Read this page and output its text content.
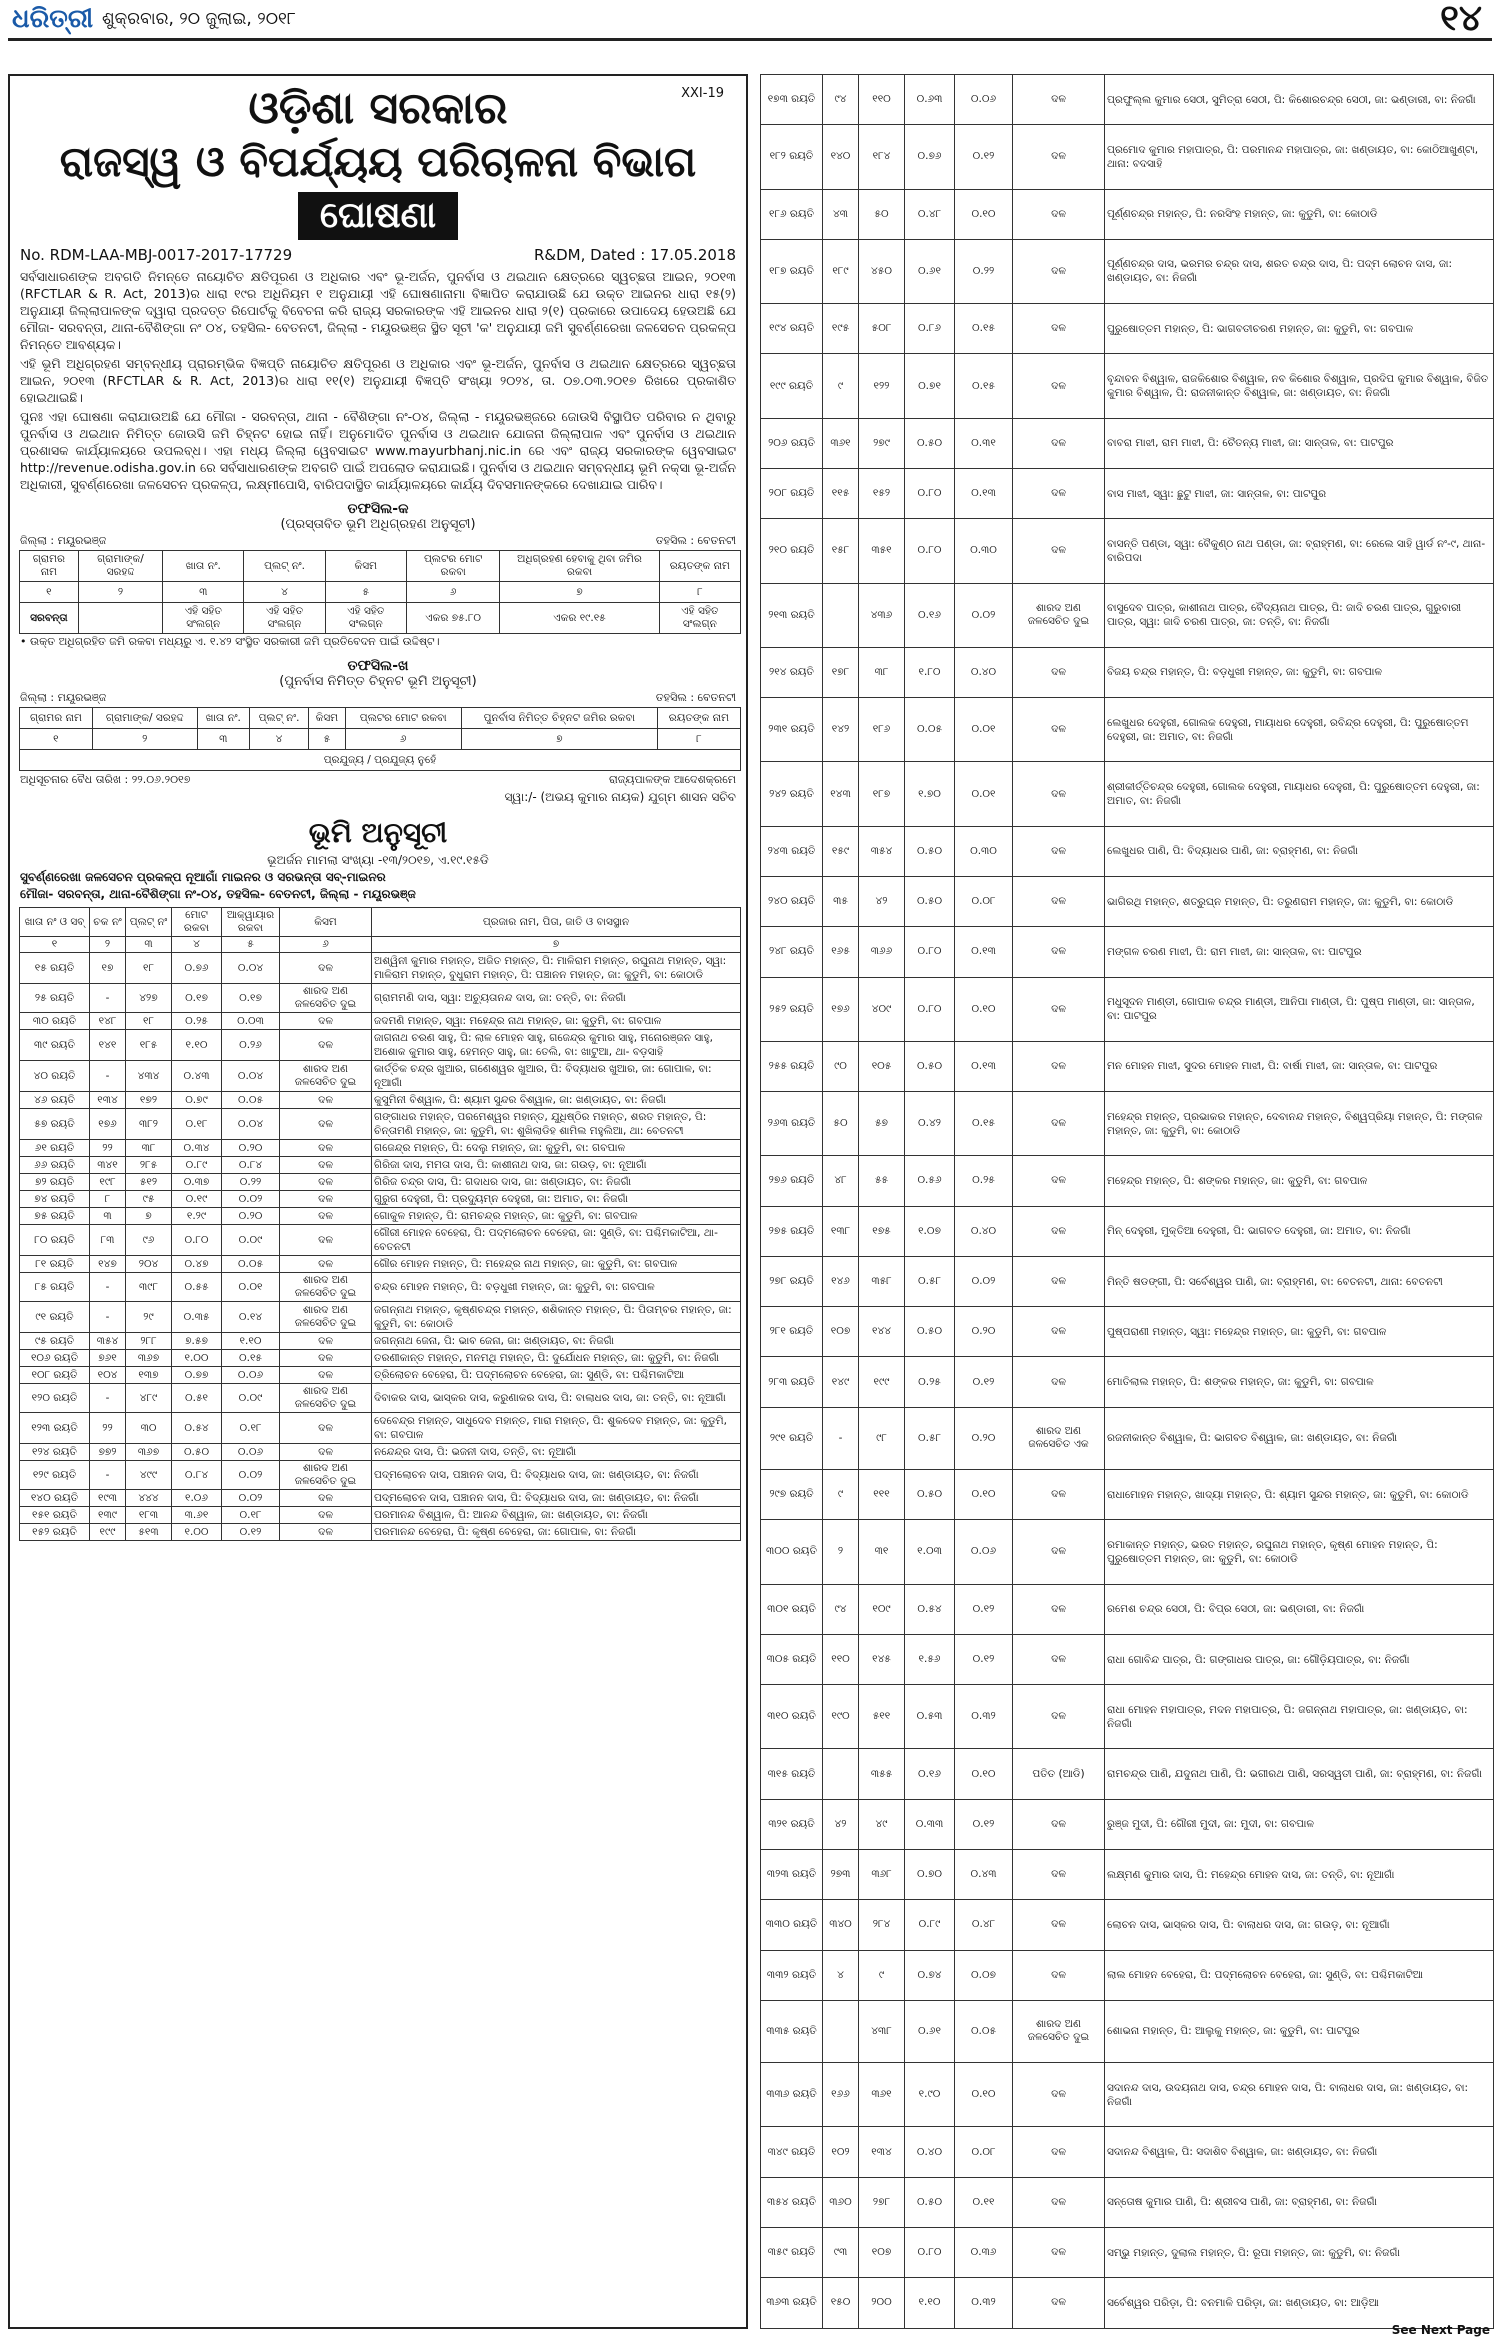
ଧରିତ୍ରୀ ଶୁକ୍ରବାର, ୨୦ ଜୁଲାଇ, ୨୦୧୮	୧୪
XXI-19
ଓଡ଼ିଶା ସରକାର
ରାଜସ୍ୱ ଓ ବିପର୍ଯ୍ୟୟ ପରିଚାଳନା ବିଭାଗ
ଘୋଷଣା
No. RDM-LAA-MBJ-0017-2017-17729	R&DM, Dated : 17.05.2018

ସର୍ବସାଧାରଣଙ୍କ ଅବଗତି ନିମନ୍ତେ ନାୟୋଚିତ କ୍ଷତିପୂରଣ ଓ ଅଧିକାର ଏବଂ ଭୂ-ଅର୍ଜନ, ପୁନର୍ବାସ ଓ ଥଇଥାନ କ୍ଷେତ୍ରରେ ସ୍ୱଚ୍ଛତା ଆଇନ, ୨୦୧୩ (RFCTLAR & R. Act, 2013)ର ଧାରା ୧୯ର ଅଧିନିୟମ ୧ ଅନୁଯାୟୀ ଏହି ଘୋଷଣାନାମା ବିଜ୍ଞାପିତ କରାଯାଉଛି ଯେ ଉକ୍ତ ଆଇନର ଧାରା ୧୫(୨) ଅନୁଯାୟୀ ଜିଲ୍ଲାପାଳଙ୍କ ଦ୍ୱାରା ପ୍ରଦତ୍ତ ରିପୋର୍ଟକୁ ବିବେଚନା କରି ରାଜ୍ୟ ସରକାରଙ୍କ ଏହି ଆଇନର ଧାରା ୨(୧) ପ୍ରକାରେ ଉପାଦେୟ ହେଉଅଛି ଯେ ମୌଜା- ସରବନ୍ତା, ଥାନା-ବୈଶିଙ୍ଗା ନଂ ୦୪, ତହସିଲ- ବେତନଟୀ, ଜିଲ୍ଲା - ମୟୂରଭଞ୍ଜ ସ୍ଥିତ ସୂଚୀ 'କ' ଅନୁଯାୟୀ ଜମି ସୁବର୍ଣ୍ଣରେଖା ଜଳସେଚନ ପ୍ରକଳ୍ପ ନିମନ୍ତେ ଆବଶ୍ୟକ।

ଏହି ଭୂମି ଅଧିଗ୍ରହଣ ସମ୍ବନ୍ଧୀୟ ପ୍ରାରମ୍ଭିକ ବିଜ୍ଞପ୍ତି ନାୟୋଚିତ କ୍ଷତିପୂରଣ ଓ ଅଧିକାର ଏବଂ ଭୂ-ଅର୍ଜନ, ପୁନର୍ବାସ ଓ ଥଇଥାନ କ୍ଷେତ୍ରରେ ସ୍ୱଚ୍ଛତା ଆଇନ, ୨୦୧୩ (RFCTLAR & R. Act, 2013)ର ଧାରା ୧୧(୧) ଅନୁଯାୟୀ ବିଜ୍ଞପ୍ତି ସଂଖ୍ୟା ୨୦୨୪, ତା. ୦୭.୦୩.୨୦୧୭ ରିଖରେ ପ୍ରକାଶିତ ହୋଇଥାଇଛି।

ପୁନଃ ଏହା ଘୋଷଣା କରାଯାଉଅଛି ଯେ ମୌଜା - ସରବନ୍ତା, ଥାନା - ବୈଶିଙ୍ଗା ନଂ-୦୪, ଜିଲ୍ଲା - ମୟୂରଭଞ୍ଜରେ ଜୋଉସି ବିସ୍ଥାପିତ ପରିବାର ନ ଥିବାରୁ ପୁନର୍ବାସ ଓ ଥଇଥାନ ନିମିତ୍ତ ଜୋଉସି ଜମି ଚିହ୍ନଟ ହୋଇ ନାହିଁ। ଅନୁମୋଦିତ ପୁନର୍ବାସ ଓ ଥଇଥାନ ଯୋଜନା ଜିଲ୍ଲାପାଳ ଏବଂ ପୁନର୍ବାସ ଓ ଥଇଥାନ ପ୍ରଶାସକ କାର୍ଯ୍ୟାଳୟରେ ଉପଲବ୍ଧ। ଏହା ମଧ୍ୟ ଜିଲ୍ଲା ୱେବସାଇଟ www.mayurbhanj.nic.in ରେ ଏବଂ ରାଜ୍ୟ ସରକାରଙ୍କ ୱେବସାଇଟ http://revenue.odisha.gov.in ରେ ସର୍ବସାଧାରଣଙ୍କ ଅବଗତି ପାଇଁ ଅପଲୋଡ କରାଯାଇଛି। ପୁନର୍ବାସ ଓ ଥଇଥାନ ସମ୍ବନ୍ଧୀୟ ଭୂମି ନକ୍ସା ଭୂ-ଅର୍ଜନ ଅଧିକାରୀ, ସୁବର୍ଣ୍ଣରେଖା ଜଳସେଚନ ପ୍ରକଳ୍ପ, ଲକ୍ଷ୍ମୀପୋସି, ବାରିପଦାସ୍ଥିତ କାର୍ଯ୍ୟାଳୟରେ କାର୍ଯ୍ୟ ଦିବସମାନଙ୍କରେ ଦେଖାଯାଇ ପାରିବ।

ତଫସିଲ-କ
(ପ୍ରସ୍ତାବିତ ଭୂମି ଅଧିଗ୍ରହଣ ଅନୁସୂଚୀ)
ଜିଲ୍ଲା : ମୟୂରଭଞ୍ଜ	ତହସିଲ : ବେତନଟୀ
ଗ୍ରାମର ନାମ	ଗ୍ରାମାଙ୍କ/ ସରହଦ୍ଦ	ଖାତା ନଂ.	ପ୍ଲଟ୍ ନଂ.	କିସମ	ପ୍ଲଟର ମୋଟ ରକବା	ଅଧିଗ୍ରହଣ ହେବାକୁ ଥିବା ଜମିର ରକବା	ରୟତଙ୍କ ନାମ
୧	୨	୩	୪	୫	୬	୭	୮
ସରବନ୍ତା		ଏହି ସହିତ ସଂଲଗ୍ନ	ଏହି ସହିତ ସଂଲଗ୍ନ	ଏହି ସହିତ ସଂଲଗ୍ନ	ଏକର ୭୫.୮୦	ଏକର ୧୯.୧୫	ଏହି ସହିତ ସଂଲଗ୍ନ
• ଉକ୍ତ ଅଧିଗ୍ରହିତ ଜମି ରକବା ମଧ୍ୟରୁ ଏ. ୧.୪୨ ସଂସ୍ଥିତ ସରକାରୀ ଜମି ପ୍ରତିବେଦନ ପାଇଁ ଉଦ୍ଦିଷ୍ଟ।
ତଫସିଲ-ଖ
(ପୁନର୍ବାସ ନିମିତ୍ତ ଚିହ୍ନଟ ଭୂମି ଅନୁସୂଚୀ)
ଜିଲ୍ଲା : ମୟୂରଭଞ୍ଜ	ତହସିଲ : ବେତନଟୀ
ଗ୍ରାମର ନାମ	ଗ୍ରାମାଙ୍କ/ ସରହଦ୍ଦ	ଖାତା ନଂ.	ପ୍ଲଟ୍ ନଂ.	କିସମ	ପ୍ଲଟର ମୋଟ ରକବା	ପୁନର୍ବାସ ନିମିତ୍ତ ଚିହ୍ନଟ ଜମିର ରକବା	ରୟତଙ୍କ ନାମ
୧	୨	୩	୪	୫	୬	୭	୮
ପ୍ରଯୁଜ୍ୟ / ପ୍ରଯୁଜ୍ୟ ନୁହେଁ							
ଅଧିସୂଚନାର ବୈଧ ତାରିଖ : ୨୨.୦୬.୨୦୧୭	ରାଜ୍ୟପାଳଙ୍କ ଆଦେଶକ୍ରମେ
ସ୍ୱା:/- (ଅଭୟ କୁମାର ନାୟକ) ଯୁଗ୍ମ ଶାସନ ସଚିବ
ଭୂମି ଅନୁସୂଚୀ
ଭୂଅର୍ଜନ ମାମଲା ସଂଖ୍ୟା -୧୩/୨୦୧୭, ଏ.୧୯.୧୫ଡି
ସୁବର୍ଣ୍ଣରେଖା ଜଳସେଚନ ପ୍ରକଳ୍ପ ନୂଆଗାଁ ମାଇନର ଓ ସରଭନ୍ତା ସବ୍-ମାଇନର
ମୌଜା- ସରବନ୍ତା, ଥାନା-ବୈଶିଙ୍ଗା ନଂ-୦୪, ତହସିଲ- ବେତନଟୀ, ଜିଲ୍ଲା - ମୟୂରଭଞ୍ଜ
ଖାତା ନଂ ଓ ସବ୍	ଚକ ନଂ	ପ୍ଲଟ୍ ନଂ	ମୋଟ ରକବା	ଆକ୍ୱାୟାର ରକବା	କିସମ	ପ୍ରଜାର ନାମ, ପିତା, ଜାତି ଓ ବାସସ୍ଥାନ
୧	୨	୩	୪	୫	୬	୭
୧୫ ରୟତି	୧୭	୧୮	୦.୭୬	୦.୦୪	ଦଳ	ଅଶ୍ୱିନୀ କୁମାର ମହାନ୍ତ, ଅଜିତ ମହାନ୍ତ, ପି: ମାଳିରାମ ମହାନ୍ତ, ରଘୁନାଥ ମହାନ୍ତ, ସ୍ୱା: ମାଳିରାମ ମହାନ୍ତ, ବୁଧୁରାମ ମହାନ୍ତ, ପି: ପଞ୍ଚାନନ ମହାନ୍ତ, ଜା: କୁଡୁମି, ବା: କୋଠାଡି
୨୫ ରୟତି	-	୪୨୭	୦.୧୭	୦.୧୭	ଶାରଦ ଅଣ ଜଳସେଚିତ ଦୁଇ	ଗ୍ରାମମଣି ଦାସ, ସ୍ୱା: ଅଚ୍ୟୁତାନନ୍ଦ ଦାସ, ଜା: ତନ୍ତି, ବା: ନିଜଗାଁ
୩୦ ରୟତି	୧୪୮	୧୮	୦.୨୫	୦.୦୩	ଦଳ	ଜଦମଣି ମହାନ୍ତ, ସ୍ୱା: ମହେନ୍ଦ୍ର ନାଥ ମହାନ୍ତ, ଜା: କୁଡୁମି, ବା: ଗବପାଳ
୩୯ ରୟତି	୧୪୧	୧୮୫	୧.୧୦	୦.୨୬	ଦଳ	ଜାଗନାଥ ଚରଣ ସାହୁ, ପି: ଲାଳ ମୋହନ ସାହୁ, ଗଜେନ୍ଦ୍ର କୁମାର ସାହୁ, ମନୋରଞ୍ଜନ ସାହୁ, ଅଶୋକ କୁମାର ସାହୁ, ହେମନ୍ତ ସାହୁ, ଜା: ତେଲି, ବା: ଖାଟୁଆ, ଥା- ବଡ଼ସାହି
୪୦ ରୟତି	-	୪୩୪	୦.୪୩	୦.୦୪	ଶାରଦ ଅଣ ଜଳସେଚିତ ଦୁଇ	କାର୍ତ୍ତିକ ଚନ୍ଦ୍ର ଖୁଆର, ଗଣେଶ୍ୱର ଖୁଆର, ପି: ବିଦ୍ୟାଧର ଖୁଆର, ଜା: ଗୋପାଳ, ବା: ନୂଆଗାଁ
୪୬ ରୟତି	୧୩୪	୧୭୨	୦.୭୯	୦.୦୫	ଦଳ	କୁସୁମିନୀ ବିଶ୍ୱାଳ, ପି: ଶ୍ୟାମ ସୁନ୍ଦର ବିଶ୍ୱାଳ, ଜା: ଖଣ୍ଡାୟତ, ବା: ନିଜଗାଁ
୫୭ ରୟତି	୧୭୬	୩୮୨	୦.୧୮	୦.୦୪	ଦଳ	ଗଙ୍ଗାଧର ମହାନ୍ତ, ପରମେଶ୍ୱର ମହାନ୍ତ, ଯୁଧିଷ୍ଠିର ମହାନ୍ତ, ଶରତ ମହାନ୍ତ, ପି: ଚିନ୍ତାମଣି ମହାନ୍ତ, ଜା: କୁଡୁମି, ବା: ଶୁଖିଲାଡିହ ଶାମିଲ ମହୁଲିଆ, ଥା: ବେତନଟୀ
୬୧ ରୟତି	୨୨	୩୮	୦.୩୪	୦.୨୦	ଦଳ	ଗଜେନ୍ଦ୍ର ମହାନ୍ତ, ପି: ଦେଲୁ ମହାନ୍ତ, ଜା: କୁଡୁମି, ବା: ଗବପାଳ
୬୬ ରୟତି	୩୪୧	୨୮୫	୦.୮୯	୦.୮୪	ଦଳ	ଗିରିଜା ଦାସ, ମମତା ଦାସ, ପି: କାଶୀନାଥ ଦାସ, ଜା: ଗଉଡ଼, ବା: ନୂଆଗାଁ
୭୨ ରୟତି	୧୯୮	୫୧୨	୦.୩୭	୦.୨୨	ଦଳ	ଗିରିଜ ଚନ୍ଦ୍ର ଦାସ, ପି: ଗଦାଧର ଦାସ, ଜା: ଖଣ୍ଡାୟତ, ବା: ନିଜଗାଁ
୭୪ ରୟତି	୮	୯୫	୦.୧୯	୦.୦୨	ଦଳ	ଗୁରୁଗ ଦେହୁରୀ, ପି: ପ୍ରଦ୍ୟୁମ୍ନ ଦେହୁରୀ, ଜା: ଅମାତ, ବା: ନିଜଗାଁ
୭୫ ରୟତି	୩	୭	୧.୨୯	୦.୨୦	ଦଳ	ଗୋକୁଳ ମହାନ୍ତ, ପି: ରାମଚନ୍ଦ୍ର ମହାନ୍ତ, ଜା: କୁଡୁମି, ବା: ଗବପାଳ
୮୦ ରୟତି	୮୩	୯୬	୦.୮୦	୦.୦୯	ଦଳ	ଗୌରୀ ମୋହନ ବେହେରା, ପି: ପଦ୍ମଲୋଚନ ବେହେରା, ଜା: ସୁଣ୍ଡି, ବା: ପଶ୍ଚିମକାଟିଆ, ଥା- ବେତନଟୀ
୮୧ ରୟତି	୧୪୭	୨୦୪	୦.୪୭	୦.୦୫	ଦଳ	ଗୌର ମୋହନ ମହାନ୍ତ, ପି: ମହେନ୍ଦ୍ର ନାଥ ମହାନ୍ତ, ଜା: କୁଡୁମି, ବା: ଗବପାଳ
୮୫ ରୟତି	-	୩୯୮	୦.୫୫	୦.୦୧	ଶାରଦ ଅଣ ଜଳସେଚିତ ଦୁଇ	ଚନ୍ଦ୍ର ମୋହନ ମହାନ୍ତ, ପି: ବଡ଼ଧୁଖୀ ମହାନ୍ତ, ଜା: କୁଡୁମି, ବା: ଗବପାଳ
୯୧ ରୟତି	-	୨୯	୦.୩୫	୦.୧୪	ଶାରଦ ଅଣ ଜଳସେଚିତ ଦୁଇ	ଜଗନ୍ନାଥ ମହାନ୍ତ, କୃଷ୍ଣଚନ୍ଦ୍ର ମହାନ୍ତ, ଶଶିକାନ୍ତ ମହାନ୍ତ, ପି: ପିତାମ୍ବର ମହାନ୍ତ, ଜା: କୁଡୁମି, ବା: କୋଠାଡି
୯୫ ରୟତି	୩୫୪	୨୮୮	୭.୫୭	୧.୧୦	ଦଳ	ଜଗନ୍ନାଥ ଜେନା, ପି: ଭାବ ଜେନା, ଜା: ଖଣ୍ଡାୟତ, ବା: ନିଜଗାଁ
୧୦୬ ରୟତି	୭୬୧	୩୬୭	୧.୦୦	୦.୧୫	ଦଳ	ତରଣୀକାନ୍ତ ମହାନ୍ତ, ମନମଥି ମହାନ୍ତ, ପି: ଦୁର୍ଯୋଧନ ମହାନ୍ତ, ଜା: କୁଡୁମି, ବା: ନିଜଗାଁ
୧୦୮ ରୟତି	୧୦୪	୧୩୭	୦.୭୭	୦.୦୬	ଦଳ	ତ୍ରିଲୋଚନ ବେହେରା, ପି: ପଦ୍ମଲୋଚନ ବେହେରା, ଜା: ସୁଣ୍ଡି, ବା: ପଶ୍ଚିମକାଟିଆ
୧୨୦ ରୟତି	-	୪୮୯	୦.୫୧	୦.୦୯	ଶାରଦ ଅଣ ଜଳସେଚିତ ଦୁଇ	ଦିବାକର ଦାସ, ଭାସ୍କର ଦାସ, କରୁଣାକର ଦାସ, ପି: ବାଲାଧର ଦାସ, ଜା: ତନ୍ତି, ବା: ନୂଆଗାଁ
୧୨୩ ରୟତି	୨୨	୩୦	୦.୫୪	୦.୧୮	ଦଳ	ଦେବେନ୍ଦ୍ର ମହାନ୍ତ, ସାଧୁଦେବ ମହାନ୍ତ, ମାରା ମହାନ୍ତ, ପି: ଶୁକଦେବ ମହାନ୍ତ, ଜା: କୁଡୁମି, ବା: ଗବପାଳ
୧୨୪ ରୟତି	୭୭୨	୩୬୭	୦.୫୦	୦.୦୬	ଦଳ	ନନ୍ଦେନ୍ଦ୍ର ଦାସ, ପି: ଭଜନୀ ଦାସ, ତନ୍ତି, ବା: ନୂଆଗାଁ
୧୨୯ ରୟତି	-	୪୯୯	୦.୮୪	୦.୦୨	ଶାରଦ ଅଣ ଜଳସେଚିତ ଦୁଇ	ପଦ୍ମଲୋଚନ ଦାସ, ପଞ୍ଚାନନ ଦାସ, ପି: ବିଦ୍ୟାଧର ଦାସ, ଜା: ଖଣ୍ଡାୟତ, ବା: ନିଜଗାଁ
୧୪୦ ରୟତି	୧୯୩	୪୪୪	୧.୦୬	୦.୦୨	ଦଳ	ପଦ୍ମଲୋଚନ ଦାସ, ପଞ୍ଚାନନ ଦାସ, ପି: ବିଦ୍ୟାଧର ଦାସ, ଜା: ଖଣ୍ଡାୟତ, ବା: ନିଜଗାଁ
୧୫୧ ରୟତି	୧୩୯	୧୮୩	୩.୬୧	୦.୧୮	ଦଳ	ପରମାନନ୍ଦ ବିଶ୍ୱାଳ, ପି: ଆନନ୍ଦ ବିଶ୍ୱାଳ, ଜା: ଖଣ୍ଡାୟତ, ବା: ନିଜଗାଁ
୧୫୨ ରୟତି	୧୯୯	୫୧୩	୧.୦୦	୦.୧୨	ଦଳ	ପରମାନନ୍ଦ ବେହେରା, ପି: କୃଷ୍ଣ ବେହେରା, ଜା: ଗୋପାଳ, ବା: ନିଜଗାଁ
୧୭୩ ରୟତି	୯୪	୧୧୦	୦.୬୩	୦.୦୬	ଦଳ	ପ୍ରଫୁଲ୍ଲ କୁମାର ସେଠୀ, ସୁମିତ୍ରା ସେଠୀ, ପି: କିଶୋରଚନ୍ଦ୍ର ସେଠୀ, ଜା: ଭଣ୍ଡାରୀ, ବା: ନିଜଗାଁ
୧୮୨ ରୟତି	୧୪୦	୧୮୪	୦.୭୬	୦.୧୨	ଦଳ	ପ୍ରମୋଦ କୁମାର ମହାପାତ୍ର, ପି: ପରମାନନ୍ଦ ମହାପାତ୍ର, ଜା: ଖଣ୍ଡାୟତ, ବା: କୋଠିଆଖୁଣ୍ଟା, ଥାନା: ବଦସାହି
୧୮୬ ରୟତି	୪୩	୫୦	୦.୪୮	୦.୧୦	ଦଳ	ପୂର୍ଣ୍ଣଚନ୍ଦ୍ର ମହାନ୍ତ, ପି: ନରସିଂହ ମହାନ୍ତ, ଜା: କୁଡୁମି, ବା: କୋଠାଡି
୧୮୭ ରୟତି	୧୮୯	୪୫୦	୦.୬୧	୦.୨୨	ଦଳ	ପୂର୍ଣ୍ଣଚନ୍ଦ୍ର ଦାସ, ଭରମର ଚନ୍ଦ୍ର ଦାସ, ଶରତ ଚନ୍ଦ୍ର ଦାସ, ପି: ପଦ୍ମ ଲୋଚନ ଦାସ, ଜା: ଖଣ୍ଡାୟତ, ବା: ନିଜଗାଁ
୧୯୪ ରୟତି	୧୯୫	୫୦୮	୦.୮୬	୦.୧୫	ଦଳ	ପୁରୁଷୋତ୍ତମ ମହାନ୍ତ, ପି: ଭାଗବତୀଚରଣ ମହାନ୍ତ, ଜା: କୁଡୁମି, ବା: ଗବପାଳ
୧୯୯ ରୟତି	୯	୧୨୨	୦.୭୧	୦.୧୫	ଦଳ	ବୃନ୍ଦାବନ ବିଶ୍ୱାଳ, ରାଜକିଶୋର ବିଶ୍ୱାଳ, ନବ କିଶୋର ବିଶ୍ୱାଳ, ପ୍ରଦିପ କୁମାର ବିଶ୍ୱାଳ, ବିଜିତ କୁମାର ବିଶ୍ୱାଳ, ପି: ରାଜନୀକାନ୍ତ ବିଶ୍ୱାଳ, ଜା: ଖଣ୍ଡାୟତ, ବା: ନିଜଗାଁ
୨୦୬ ରୟତି	୩୬୧	୨୭୯	୦.୫୦	୦.୩୧	ଦଳ	ବାବରା ମାଝୀ, ରାମ ମାଝୀ, ପି: ଚୈତନ୍ୟ ମାଝୀ, ଜା: ସାନ୍ତାଳ, ବା: ପାଟପୁର
୨୦୮ ରୟତି	୧୧୫	୧୫୨	୦.୮୦	୦.୧୩	ଦଳ	ବାସ ମାଝୀ, ସ୍ୱା: ଛୁଟୁ ମାଝୀ, ଜା: ସାନ୍ତାଳ, ବା: ପାଟପୁର
୨୧୦ ରୟତି	୧୫୮	୩୫୧	୦.୮୦	୦.୩୦	ଦଳ	ବାସନ୍ତି ପଣ୍ଡା, ସ୍ୱା: ବୈକୁଣ୍ଠ ନାଥ ପଣ୍ଡା, ଜା: ବ୍ରାହ୍ମଣ, ବା: ରେଲେ ସାହି ୱାର୍ଡ ନଂ-୯, ଥାନା- ବାରିପଦା
୨୧୩ ରୟତି		୪୩୬	୦.୧୬	୦.୦୨	ଶାରଦ ଅଣ ଜଳସେଚିତ ଦୁଇ	ବାସୁଦେବ ପାତ୍ର, କାଶୀନାଥ ପାତ୍ର, ବୈଦ୍ୟନାଥ ପାତ୍ର, ପି: ଜାଦି ଚରଣ ପାତ୍ର, ଗୁରୁବାରୀ ପାତ୍ର, ସ୍ୱା: ଜାଦି ଚରଣ ପାତ୍ର, ଜା: ତନ୍ତି, ବା: ନିଜଗାଁ
୨୧୪ ରୟତି	୧୭୮	୩୮	୧.୮୦	୦.୪୦	ଦଳ	ବିଜୟ ଚନ୍ଦ୍ର ମହାନ୍ତ, ପି: ବଡ଼ଧୁଖୀ ମହାନ୍ତ, ଜା: କୁଡୁମି, ବା: ଗବପାଳ
୨୩୧ ରୟତି	୧୪୨	୧୮୬	୦.୦୫	୦.୦୧	ଦଳ	ଲେଖୁଧର ଦେହୁରୀ, ଗୋଲକ ଦେହୁରୀ, ମାୟାଧର ଦେହୁରୀ, ରବିନ୍ଦ୍ର ଦେହୁରୀ, ପି: ପୁରୁଷୋତ୍ତମ ଦେହୁରୀ, ଜା: ଅମାତ, ବା: ନିଜଗାଁ
୨୪୨ ରୟତି	୧୪୩	୧୮୭	୧.୭୦	୦.୦୧	ଦଳ	ଶ୍ରୀକୀର୍ତ୍ତିଚନ୍ଦ୍ର ଦେହୁରୀ, ଗୋଲକ ଦେହୁରୀ, ମାୟାଧର ଦେହୁରୀ, ପି: ପୁରୁଷୋତ୍ତମ ଦେହୁରୀ, ଜା: ଅମାତ, ବା: ନିଜଗାଁ
୨୪୩ ରୟତି	୧୫୯	୩୫୪	୦.୫୦	୦.୩୦	ଦଳ	ଲେଖୁଧର ପାଣି, ପି: ବିଦ୍ୟାଧର ପାଣି, ଜା: ବ୍ରାହ୍ମଣ, ବା: ନିଜଗାଁ
୨୪୦ ରୟତି	୩୫	୪୨	୦.୫୦	୦.୦୮	ଦଳ	ଭାଗିରଥି ମହାନ୍ତ, ଶତ୍ରୁଘ୍ନ ମହାନ୍ତ, ପି: ତରୁଣରାମ ମହାନ୍ତ, ଜା: କୁଡୁମି, ବା: କୋଠାଡି
୨୪୮ ରୟତି	୧୬୫	୩୬୬	୦.୮୦	୦.୧୩	ଦଳ	ମଙ୍ଗଳ ଚରଣ ମାଝୀ, ପି: ରାମ ମାଝୀ, ଜା: ସାନ୍ତାଳ, ବା: ପାଟପୁର
୨୫୨ ରୟତି	୧୭୬	୪୦୯	୦.୮୦	୦.୧୦	ଦଳ	ମଧୁସୂଦନ ମାଣ୍ଡୀ, ଗୋପାଳ ଚନ୍ଦ୍ର ମାଣ୍ଡୀ, ଆନିପା ମାଣ୍ଡୀ, ପି: ପୁଷ୍ପ ମାଣ୍ଡୀ, ଜା: ସାନ୍ତାଳ, ବା: ପାଟପୁର
୨୫୫ ରୟତି	୯୦	୧୦୫	୦.୫୦	୦.୧୩	ଦଳ	ମନ ମୋହନ ମାଝୀ, ସୁଦର ମୋହନ ମାଝୀ, ପି: ବାର୍ଷା ମାଝୀ, ଜା: ସାନ୍ତାଳ, ବା: ପାଟପୁର
୨୬୩ ରୟତି	୫୦	୫୭	୦.୪୨	୦.୧୫	ଦଳ	ମହେନ୍ଦ୍ର ମହାନ୍ତ, ପ୍ରଭାକର ମହାନ୍ତ, ଦେବାନନ୍ଦ ମହାନ୍ତ, ବିଶ୍ୱପ୍ରିୟା ମହାନ୍ତ, ପି: ମଙ୍ଗଳ ମହାନ୍ତ, ଜା: କୁଡୁମି, ବା: କୋଠାଡି
୨୭୬ ରୟତି	୪୮	୫୫	୦.୫୬	୦.୨୫	ଦଳ	ମହେନ୍ଦ୍ର ମହାନ୍ତ, ପି: ଶଙ୍କର ମହାନ୍ତ, ଜା: କୁଡୁମି, ବା: ଗବପାଳ
୨୭୫ ରୟତି	୧୩୮	୧୭୫	୧.୦୭	୦.୪୦	ଦଳ	ମିନ୍ ଦେହୁରୀ, ମୁକ୍ତିଆ ଦେହୁରୀ, ପି: ଭାଗବତ ଦେହୁରୀ, ଜା: ଅମାତ, ବା: ନିଜଗାଁ
୨୭୮ ରୟତି	୧୪୬	୩୫୮	୦.୫୮	୦.୦୨	ଦଳ	ମିନ୍ତି ଷଡଙ୍ଗୀ, ପି: ସର୍ବେଶ୍ୱର ପାଣି, ଜା: ବ୍ରାହ୍ମଣ, ବା: ବେତନଟୀ, ଥାନା: ବେତନଟୀ
୨୮୧ ରୟତି	୧୦୭	୧୪୪	୦.୫୦	୦.୨୦	ଦଳ	ପୁଷ୍ପରାଣୀ ମହାନ୍ତ, ସ୍ୱା: ମହେନ୍ଦ୍ର ମହାନ୍ତ, ଜା: କୁଡୁମି, ବା: ଗବପାଳ
୨୮୩ ରୟତି	୧୪୯	୧୯୯	୦.୨୫	୦.୧୨	ଦଳ	ମୋତିଲାଲ ମହାନ୍ତ, ପି: ଶଙ୍କର ମହାନ୍ତ, ଜା: କୁଡୁମି, ବା: ଗବପାଳ
୨୯୧ ରୟତି	-	୯୮	୦.୫୮	୦.୨୦	ଶାରଦ ଅଣ ଜଳସେଚିତ ଏକ	ରଜନୀକାନ୍ତ ବିଶ୍ୱାଳ, ପି: ଭାଗବତ ବିଶ୍ୱାଳ, ଜା: ଖଣ୍ଡାୟତ, ବା: ନିଜଗାଁ
୨୯୭ ରୟତି	୯	୧୧୧	୦.୫୦	୦.୧୦	ଦଳ	ରାଧାମୋହନ ମହାନ୍ତ, ଖାଦ୍ୟା ମହାନ୍ତ, ପି: ଶ୍ୟାମ ସୁନ୍ଦର ମହାନ୍ତ, ଜା: କୁଡୁମି, ବା: କୋଠାଡି
୩୦୦ ରୟତି	୨	୩୧	୧.୦୩	୦.୦୬	ଦଳ	ରମାକାନ୍ତ ମହାନ୍ତ, ଭରତ ମହାନ୍ତ, ରଘୁନାଥ ମହାନ୍ତ, କୃଷ୍ଣ ମୋହନ ମହାନ୍ତ, ପି: ପୁରୁଷୋତ୍ତମ ମହାନ୍ତ, ଜା: କୁଡୁମି, ବା: କୋଠାଡି
୩୦୧ ରୟତି	୯୪	୧୦୯	୦.୫୪	୦.୧୨	ଦଳ	ରମେଶ ଚନ୍ଦ୍ର ସେଠୀ, ପି: ବିପ୍ର ସେଠୀ, ଜା: ଭଣ୍ଡାରୀ, ବା: ନିଜଗାଁ
୩୦୫ ରୟତି	୧୧୦	୧୪୫	୧.୫୬	୦.୧୨	ଦଳ	ରାଧା ଗୋବିନ୍ଦ ପାତ୍ର, ପି: ଗଙ୍ଗାଧର ପାତ୍ର, ଜା: ଗୌଡ଼ିୟପାତ୍ର, ବା: ନିଜଗାଁ
୩୧୦ ରୟତି	୧୯୦	୫୧୧	୦.୫୩	୦.୩୨	ଦଳ	ରାଧା ମୋହନ ମହାପାତ୍ର, ମଦନ ମହାପାତ୍ର, ପି: ଜଗନ୍ନାଥ ମହାପାତ୍ର, ଜା: ଖଣ୍ଡାୟତ, ବା: ନିଜଗାଁ
୩୧୫ ରୟତି		୩୫୫	୦.୧୬	୦.୧୦	ପତିତ (ଆଡି)	ରାମଚନ୍ଦ୍ର ପାଣି, ଯଦୁନାଥ ପାଣି, ପି: ଭଗୀରଥ ପାଣି, ସରସ୍ୱତୀ ପାଣି, ଜା: ବ୍ରାହ୍ମଣ, ବା: ନିଜଗାଁ
୩୨୧ ରୟତି	୪୨	୪୯	୦.୩୩	୦.୧୨	ଦଳ	ରୁଞ୍ଜ ମୁଦୀ, ପି: ଗୌରୀ ମୁଦୀ, ଜା: ମୁଦୀ, ବା: ଗବପାଳ
୩୨୩ ରୟତି	୨୭୩	୩୬୮	୦.୭୦	୦.୪୩	ଦଳ	ଲକ୍ଷ୍ମଣ କୁମାର ଦାସ, ପି: ମହେନ୍ଦ୍ର ମୋହନ ଦାସ, ଜା: ତନ୍ତି, ବା: ନୂଆଗାଁ
୩୩୦ ରୟତି	୩୪୦	୨୮୪	୦.୮୯	୦.୪୮	ଦଳ	ଲୋଚନ ଦାସ, ଭାସ୍କର ଦାସ, ପି: ବାଲାଧର ଦାସ, ଜା: ଗଉଡ଼, ବା: ନୂଆଗାଁ
୩୩୨ ରୟତି	୪	୯	୦.୭୪	୦.୦୭	ଦଳ	ଲାଲ ମୋହନ ବେହେରା, ପି: ପଦ୍ମଲୋଚନ ବେହେରା, ଜା: ସୁଣ୍ଡି, ବା: ପଶ୍ଚିମକାଟିଆ
୩୩୫ ରୟତି		୪୩୮	୦.୬୧	୦.୦୫	ଶାରଦ ଅଣ ଜଳସେଚିତ ଦୁଇ	ଶୋଭନା ମହାନ୍ତ, ପି: ଆଲୁକୁ ମହାନ୍ତ, ଜା: କୁଡୁମି, ବା: ପାଟପୁର
୩୩୬ ରୟତି	୧୬୬	୩୬୧	୧.୯୦	୦.୧୦	ଦଳ	ସଦାନନ୍ଦ ଦାସ, ଉଦୟନାଥ ଦାସ, ଚନ୍ଦ୍ର ମୋହନ ଦାସ, ପି: ବାଲାଧର ଦାସ, ଜା: ଖଣ୍ଡାୟତ, ବା: ନିଜଗାଁ
୩୪୯ ରୟତି	୧୦୨	୧୩୪	୦.୪୦	୦.୦୮	ଦଳ	ସଦାନନ୍ଦ ବିଶ୍ୱାଳ, ପି: ସଦାଶିବ ବିଶ୍ୱାଳ, ଜା: ଖଣ୍ଡାୟତ, ବା: ନିଜଗାଁ
୩୫୪ ରୟତି	୩୬୦	୨୭୮	୦.୫୦	୦.୧୧	ଦଳ	ସନ୍ତୋଷ କୁମାର ପାଣି, ପି: ଶ୍ରୀବସ ପାଣି, ଜା: ବ୍ରାହ୍ମଣ, ବା: ନିଜଗାଁ
୩୫୯ ରୟତି	୯୩	୧୦୭	୦.୮୦	୦.୩୬	ଦଳ	ସମ୍ଭୁ ମହାନ୍ତ, ଦୁଲାଲ ମହାନ୍ତ, ପି: ରୂପା ମହାନ୍ତ, ଜା: କୁଡୁମି, ବା: ନିଜଗାଁ
୩୬୩ ରୟତି	୧୫୦	୨୦୦	୧.୧୦	୦.୩୨	ଦଳ	ସର୍ବେଶ୍ୱର ପରିଡ଼ା, ପି: ବନମାଳି ପରିଡ଼ା, ଜା: ଖଣ୍ଡାୟତ, ବା: ଆଡ଼ିଆ
See Next Page
